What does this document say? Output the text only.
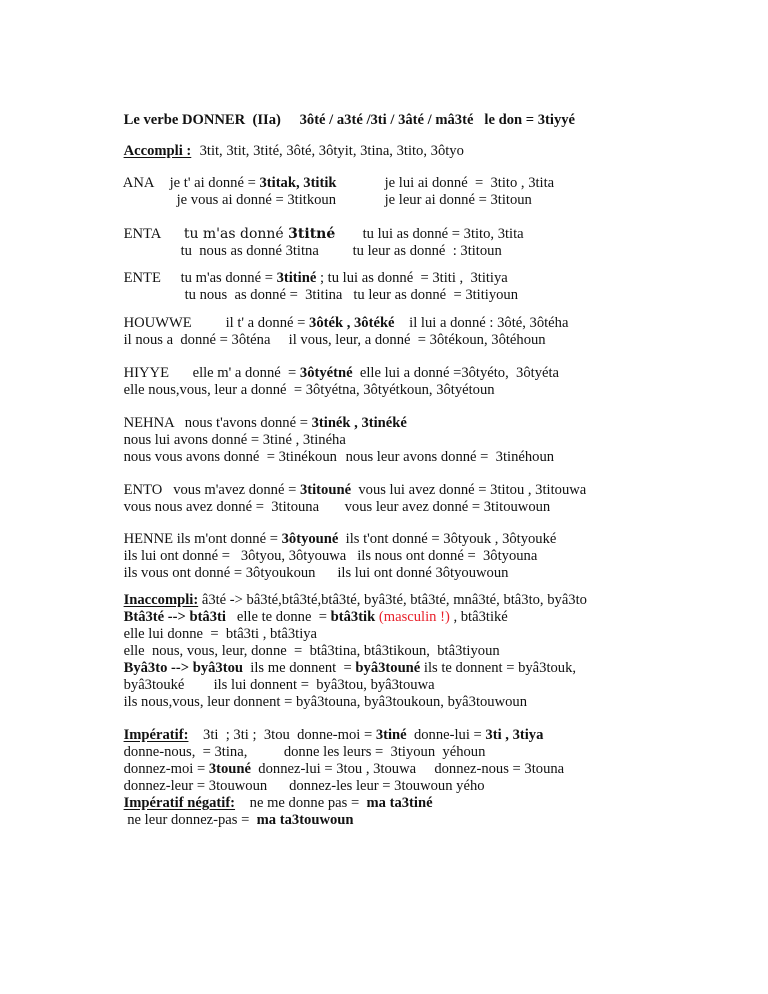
Le verbe DONNER  (IIa)
	3ôté / a3té /3ti / 3âté / mâ3té le don = 3tiyyé

Accompli :
3tit, 3tit, 3tité, 3ôté, 3ôtyit, 3tina, 3tito, 3ôtyo

ANA
	je t' ai donné = 3titak, 3titik
	je lui ai donné  =  3tito , 3tita

je vous ai donné = 3titkoun
	je leur ai donné = 3titoun

ENTA
	tu m'as donné 3titné
	tu lui as donné = 3tito, 3tita

tu  nous as donné 3titna
	tu leur as donné  : 3titoun

ENTE
	tu m'as donné = 3titiné ; tu lui as donné  = 3titi ,  3titiya

tu nous  as donné =  3titina   tu leur as donné  = 3titiyoun

HOUWWE
	il t' a donné = 3ôték , 3ôtéké    il lui a donné : 3ôté, 3ôtéha

il nous a  donné = 3ôténa     il vous, leur, a donné  = 3ôtékoun, 3ôtéhoun

HIYYE
	elle m' a donné  = 3ôtyétné  elle lui a donné =3ôtyéto,  3ôtyéta

elle nous,vous, leur a donné  = 3ôtyétna, 3ôtyétkoun, 3ôtyétoun

NEHNA   nous t'avons donné = 3tinék , 3tinéké

nous lui avons donné = 3tiné , 3tinéha

nous vous avons donné  = 3tinékoun
nous leur avons donné =  3tinéhoun

ENTO   vous m'avez donné = 3titouné  vous lui avez donné = 3titou , 3titouwa

vous nous avez donné =  3titouna       vous leur avez donné = 3titouwoun

HENNE ils m'ont donné = 3ôtyouné  ils t'ont donné = 3ôtyouk , 3ôtyouké

ils lui ont donné =   3ôtyou, 3ôtyouwa   ils nous ont donné =  3ôtyouna

ils vous ont donné = 3ôtyoukoun      ils lui ont donné 3ôtyouwoun

Inaccompli: â3té -> bâ3té,btâ3té,btâ3té, byâ3té, btâ3té, mnâ3té, btâ3to, byâ3to

Btâ3té --> btâ3ti   elle te donne  = btâ3tik (masculin !) , btâ3tiké

elle lui donne  =  btâ3ti , btâ3tiya

elle  nous, vous, leur, donne  =  btâ3tina, btâ3tikoun,  btâ3tiyoun

Byâ3to --> byâ3tou  ils me donnent  = byâ3touné ils te donnent = byâ3touk,

byâ3touké        ils lui donnent =  byâ3tou, byâ3touwa

ils nous,vous, leur donnent = byâ3touna, byâ3toukoun, byâ3touwoun

Impératif:    3ti  ; 3ti ;  3tou  donne-moi = 3tiné  donne-lui = 3ti , 3tiya

donne-nous,  = 3tina,          donne les leurs =  3tiyoun  yéhoun

donnez-moi = 3touné  donnez-lui = 3tou , 3touwa     donnez-nous = 3touna

donnez-leur = 3touwoun      donnez-les leur = 3touwoun yého

Impératif négatif:    ne me donne pas =  ma ta3tiné

ne leur donnez-pas =  ma ta3touwoun
